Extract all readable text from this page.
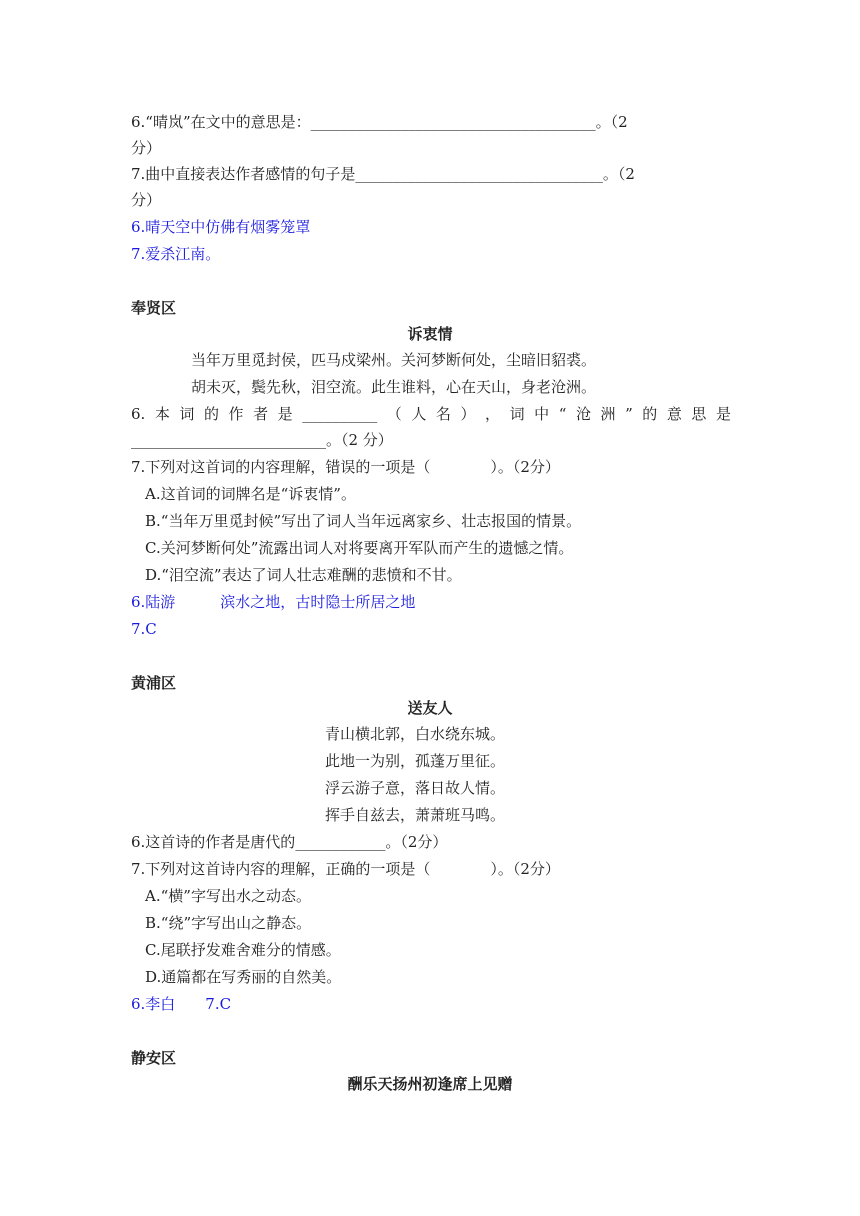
6.“晴岚”在文中的意思是：______________________________________。（2
分）
7.曲中直接表达作者感情的句子是_________________________________。（2
分）
6.晴天空中仿佛有烟雾笼罩
7.爱杀江南。
奉贤区
诉衷情
当年万里觅封侯，匹马戍梁州。关河梦断何处，尘暗旧貂裘。
胡未灭，鬓先秋，泪空流。此生谁料，心在天山，身老沧洲。
6. 本 词 的 作 者 是 __________ （ 人 名 ） ， 词 中 “ 沧 洲 ” 的 意 思 是
__________________________。（2 分）
7.下列对这首词的内容理解，错误的一项是（　　　　）。（2分）
A.这首词的词牌名是“诉衷情”。
B.“当年万里觅封候”写出了词人当年远离家乡、壮志报国的情景。
C.关河梦断何处”流露出词人对将要离开军队而产生的遗憾之情。
D.“泪空流”表达了词人壮志难酬的悲愤和不甘。
6.陆游　　　滨水之地，古时隐士所居之地
7.C
黄浦区
送友人
青山横北郭，白水绕东城。
此地一为别，孤蓬万里征。
浮云游子意，落日故人情。
挥手自兹去，萧萧班马鸣。
6.这首诗的作者是唐代的____________。（2分）
7.下列对这首诗内容的理解，正确的一项是（　　　　）。（2分）
A.“横”字写出水之动态。
B.“绕”字写出山之静态。
C.尾联抒发难舍难分的情感。
D.通篇都在写秀丽的自然美。
6.李白　　7.C
静安区
酬乐天扬州初逢席上见赠
